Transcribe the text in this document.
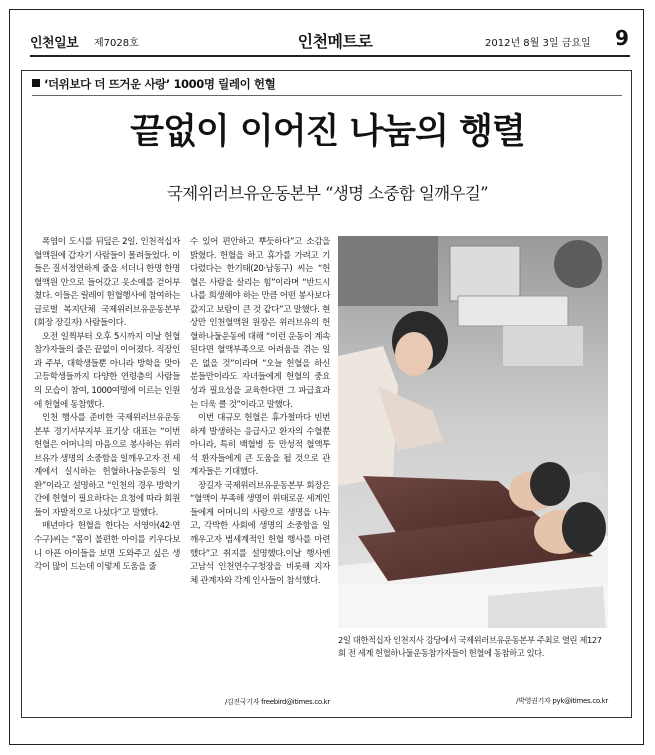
인천일보 제7028호	인천메트로	2012년 8월 3일 금요일 9
‘더위보다 더 뜨거운 사랑’ 1000명 릴레이 헌혈
끝없이 이어진 나눔의 행렬
국제위러브유운동본부 “생명 소중함 일깨우길”

폭염이 도시를 뒤덮은 2일. 인천적십자혈액원에 갑자기 사람들이 몰려들었다. 이들은 질서정연하게 줄을 서더니 한명 한명 혈액원 안으로 들어갔고 옷소매를 걷어부쳤다. 이들은 릴레이 헌혈행사에 참여하는 글로벌 복지단체 국제위러브유운동본부(회장 장길자) 사람들이다.

오전 일찍부터 오후 5시까지 이날 헌혈 참가자들의 줄은 끝없이 이어졌다. 직장인과 주부, 대학생들뿐 아니라 방학을 맞아 고등학생들까지 다양한 연령층의 사람들의 모습이 참여, 1000여명에 이르는 인원에 헌혈에 동참했다.

인천 행사를 준비한 국제위러브유운동본부 경기서부지부 표기상 대표는 “이번 헌혈은 어머니의 마음으로 봉사하는 위러브유가 생명의 소중함을 일깨우고자 전 세계에서 실시하는 헌혈하나눔운동의 일환”이라고 설명하고 “인천의 경우 방학기간에 헌혈이 필요하다는 요청에 따라 회원들이 자발적으로 나섰다”고 말했다.

매년마다 헌혈을 한다는 서영아(42·연수구)씨는 “몸이 불편한 아이를 키우다보니 아픈 아이들을 보면 도와주고 싶은 생각이 많이 드는데 이렇게 도움을 줄

수 있어 편안하고 뿌듯하다”고 소감을 밝혔다. 헌혈을 하고 휴가를 가려고 기다렸다는 한기태(20·남동구) 씨는 “헌혈은 사람을 살리는 힘”이라며 “반드시 나를 희생해야 하는 만큼 어떤 봉사보다 값지고 보람이 큰 것 같다”고 말했다. 현상만 인천혈액원 원장은 위러브유의 헌혈하나둘운동에 대해 “이런 운동이 계속된다면 혈액부족으로 어려움을 겪는 일은 없을 것”이라며 “오늘 헌혈을 하신 분들만이라도 자녀들에게 헌혈의 중요성과 필요성을 교육한다면 그 파급효과는 더욱 클 것”이라고 말했다.

이번 대규모 헌혈은 휴가철마다 빈번하게 발생하는 응급사고 환자의 수혈뿐 아니라, 특히 백혈병 등 만성적 혈액투석 환자들에게 큰 도움을 될 것으로 관계자들은 기대했다.

장길자 국제위러브유운동본부 회장은 “혈액이 부족해 생명이 위태로운 세계인들에게 어머니의 사랑으로 생명을 나누고, 각박한 사회에 생명의 소중함을 일깨우고자 범세계적인 헌혈 행사를 마련했다”고 취지를 설명했다.이날 행사엔 고남석 인천연수구청장을 비롯해 지자체 관계자와 각계 인사들이 참석했다.

/김진국기자 freebird@itimes.co.kr
2일 대한적십자 인천지사 강당에서 국제위러브유운동본부 주최로 열린 제127회 전 세계 헌혈하나둘운동참가자들이 헌혈에 동참하고 있다.
/박영권기자 pyk@itimes.co.kr
